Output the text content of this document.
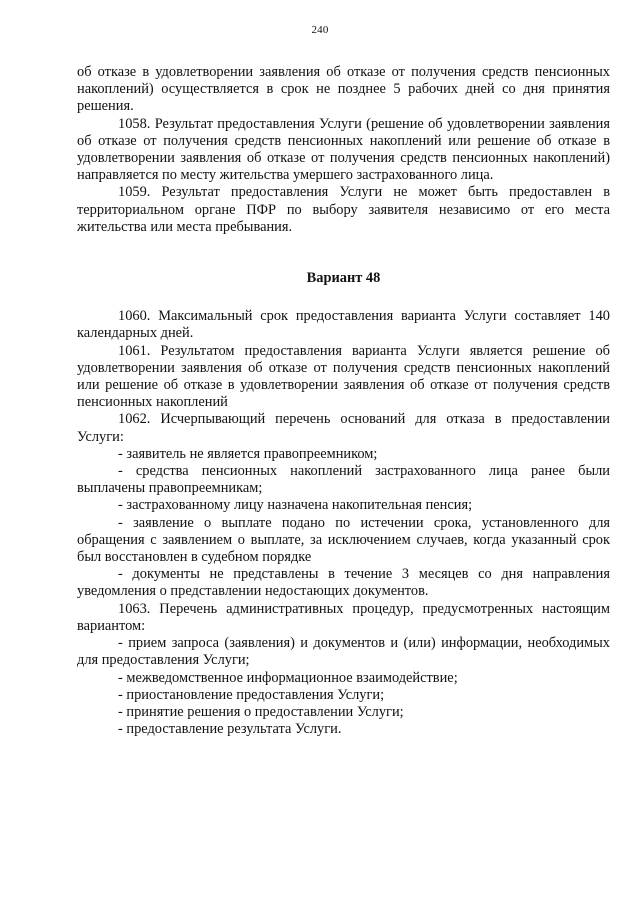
240

об отказе в удовлетворении заявления об отказе от получения средств пенсионных накоплений) осуществляется в срок не позднее 5 рабочих дней со дня принятия решения.

1058. Результат предоставления Услуги (решение об удовлетворении заявления об отказе от получения средств пенсионных накоплений или решение об отказе в удовлетворении заявления об отказе от получения средств пенсионных накоплений) направляется по месту жительства умершего застрахованного лица.

1059. Результат предоставления Услуги не может быть предоставлен в территориальном органе ПФР по выбору заявителя независимо от его места жительства или места пребывания.

Вариант 48

1060. Максимальный срок предоставления варианта Услуги составляет 140 календарных дней.

1061. Результатом предоставления варианта Услуги является решение об удовлетворении заявления об отказе от получения средств пенсионных накоплений или решение об отказе в удовлетворении заявления об отказе от получения средств пенсионных накоплений

1062. Исчерпывающий перечень оснований для отказа в предоставлении Услуги:

- заявитель не является правопреемником;

- средства пенсионных накоплений застрахованного лица ранее были выплачены правопреемникам;

- застрахованному лицу назначена накопительная пенсия;

- заявление о выплате подано по истечении срока, установленного для обращения с заявлением о выплате, за исключением случаев, когда указанный срок был восстановлен в судебном порядке

- документы не представлены в течение 3 месяцев со дня направления уведомления о представлении недостающих документов.

1063. Перечень административных процедур, предусмотренных настоящим вариантом:

- прием запроса (заявления) и документов и (или) информации, необходимых для предоставления Услуги;

- межведомственное информационное взаимодействие;

- приостановление предоставления Услуги;

- принятие решения о предоставлении Услуги;

- предоставление результата Услуги.
